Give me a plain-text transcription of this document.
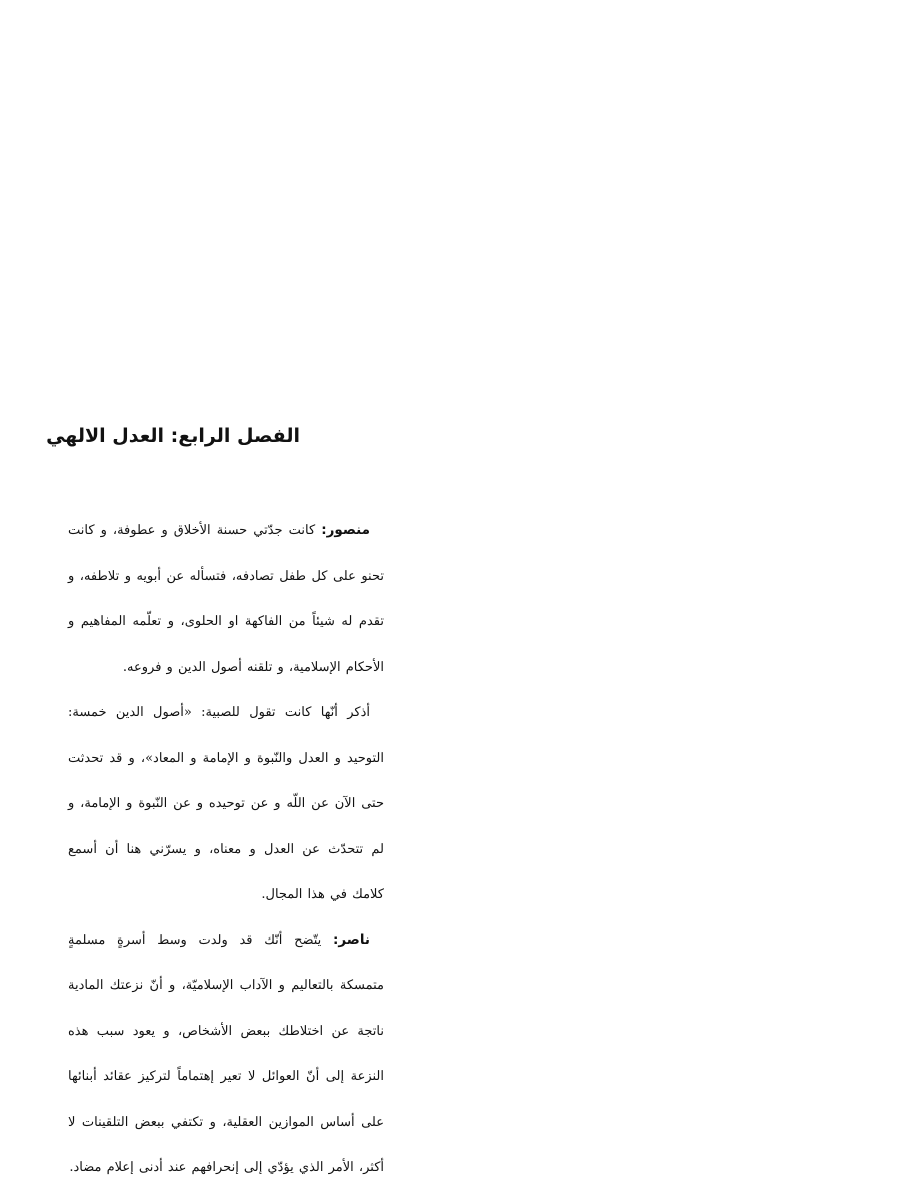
الفصل الرابع: العدل الالهي

منصور: كانت جدّتي حسنة الأخلاق و عطوفة، و كانت تحنو على كل طفل تصادفه، فتسأله عن أبويه و تلاطفه، و تقدم له شيئاً من الفاكهة او الحلوى، و تعلّمه المفاهيم و الأحكام الإسلامية، و تلقنه أصول الدين و فروعه.

أذكر أنّها كانت تقول للصبية: «أصول الدين خمسة: التوحيد و العدل والنّبوة و الإمامة و المعاد»، و قد تحدثت حتى الآن عن اللّه و عن توحيده و عن النّبوة و الإمامة، و لم تتحدّث عن العدل و معناه، و يسرّني هنا أن أسمع كلامك في هذا المجال.

ناصر: يتّضح أنّك قد ولدت وسط أسرةٍ مسلمةٍ متمسكة بالتعاليم و الآداب الإسلاميّة، و أنّ نزعتك المادية ناتجة عن اختلاطك ببعض الأشخاص، و يعود سبب هذه النزعة إلى أنّ العوائل لا تعير إهتماماً لتركيز عقائد أبنائها على أساس الموازين العقلية، و تكتفي ببعض التلقينات لا أكثر، الأمر الذي يؤدّي إلى إنحرافهم عند أدنى إعلام مضاد.
